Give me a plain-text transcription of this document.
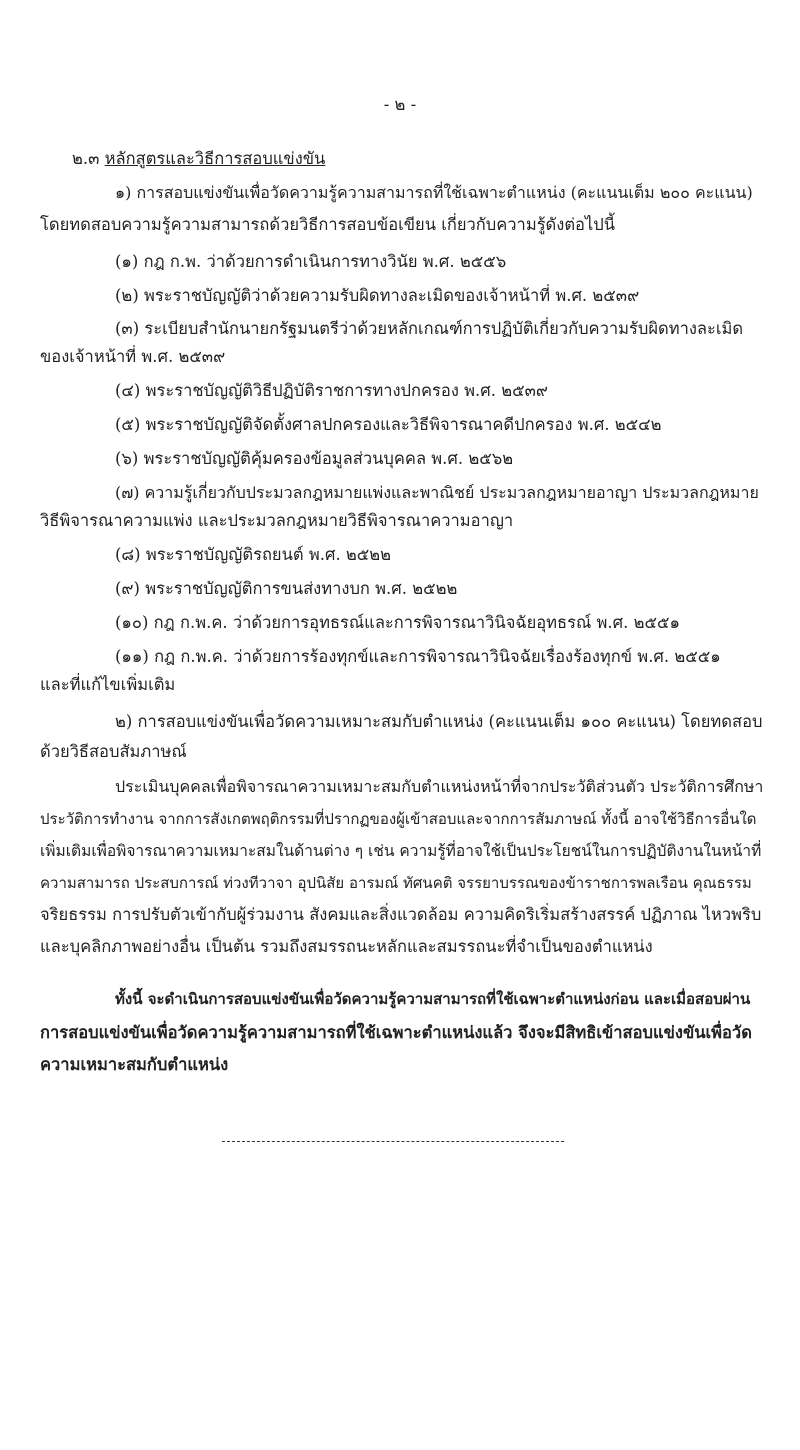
- ๒ -
๒.๓ หลักสูตรและวิธีการสอบแข่งขัน
๑) การสอบแข่งขันเพื่อวัดความรู้ความสามารถที่ใช้เฉพาะตำแหน่ง (คะแนนเต็ม ๒๐๐ คะแนน)
โดยทดสอบความรู้ความสามารถด้วยวิธีการสอบข้อเขียน เกี่ยวกับความรู้ดังต่อไปนี้
(๑) กฎ ก.พ. ว่าด้วยการดำเนินการทางวินัย พ.ศ. ๒๕๕๖
(๒) พระราชบัญญัติว่าด้วยความรับผิดทางละเมิดของเจ้าหน้าที่ พ.ศ. ๒๕๓๙
(๓) ระเบียบสำนักนายกรัฐมนตรีว่าด้วยหลักเกณฑ์การปฏิบัติเกี่ยวกับความรับผิดทางละเมิด
ของเจ้าหน้าที่ พ.ศ. ๒๕๓๙
(๔) พระราชบัญญัติวิธีปฏิบัติราชการทางปกครอง พ.ศ. ๒๕๓๙
(๕) พระราชบัญญัติจัดตั้งศาลปกครองและวิธีพิจารณาคดีปกครอง พ.ศ. ๒๕๔๒
(๖) พระราชบัญญัติคุ้มครองข้อมูลส่วนบุคคล พ.ศ. ๒๕๖๒
(๗) ความรู้เกี่ยวกับประมวลกฎหมายแพ่งและพาณิชย์ ประมวลกฎหมายอาญา ประมวลกฎหมาย
วิธีพิจารณาความแพ่ง และประมวลกฎหมายวิธีพิจารณาความอาญา
(๘) พระราชบัญญัติรถยนต์ พ.ศ. ๒๕๒๒
(๙) พระราชบัญญัติการขนส่งทางบก พ.ศ. ๒๕๒๒
(๑๐) กฎ ก.พ.ค. ว่าด้วยการอุทธรณ์และการพิจารณาวินิจฉัยอุทธรณ์ พ.ศ. ๒๕๕๑
(๑๑) กฎ ก.พ.ค. ว่าด้วยการร้องทุกข์และการพิจารณาวินิจฉัยเรื่องร้องทุกข์ พ.ศ. ๒๕๕๑
และที่แก้ไขเพิ่มเติม
๒) การสอบแข่งขันเพื่อวัดความเหมาะสมกับตำแหน่ง (คะแนนเต็ม ๑๐๐ คะแนน) โดยทดสอบ
ด้วยวิธีสอบสัมภาษณ์
ประเมินบุคคลเพื่อพิจารณาความเหมาะสมกับตำแหน่งหน้าที่จากประวัติส่วนตัว ประวัติการศึกษา
ประวัติการทำงาน จากการสังเกตพฤติกรรมที่ปรากฏของผู้เข้าสอบและจากการสัมภาษณ์ ทั้งนี้ อาจใช้วิธีการอื่นใด
เพิ่มเติมเพื่อพิจารณาความเหมาะสมในด้านต่าง ๆ เช่น ความรู้ที่อาจใช้เป็นประโยชน์ในการปฏิบัติงานในหน้าที่
ความสามารถ ประสบการณ์ ท่วงทีวาจา อุปนิสัย อารมณ์ ทัศนคติ จรรยาบรรณของข้าราชการพลเรือน คุณธรรม
จริยธรรม การปรับตัวเข้ากับผู้ร่วมงาน สังคมและสิ่งแวดล้อม ความคิดริเริ่มสร้างสรรค์ ปฏิภาณ ไหวพริบ
และบุคลิกภาพอย่างอื่น เป็นต้น รวมถึงสมรรถนะหลักและสมรรถนะที่จำเป็นของตำแหน่ง
ทั้งนี้ จะดำเนินการสอบแข่งขันเพื่อวัดความรู้ความสามารถที่ใช้เฉพาะตำแหน่งก่อน และเมื่อสอบผ่าน
การสอบแข่งขันเพื่อวัดความรู้ความสามารถที่ใช้เฉพาะตำแหน่งแล้ว จึงจะมีสิทธิเข้าสอบแข่งขันเพื่อวัด
ความเหมาะสมกับตำแหน่ง
